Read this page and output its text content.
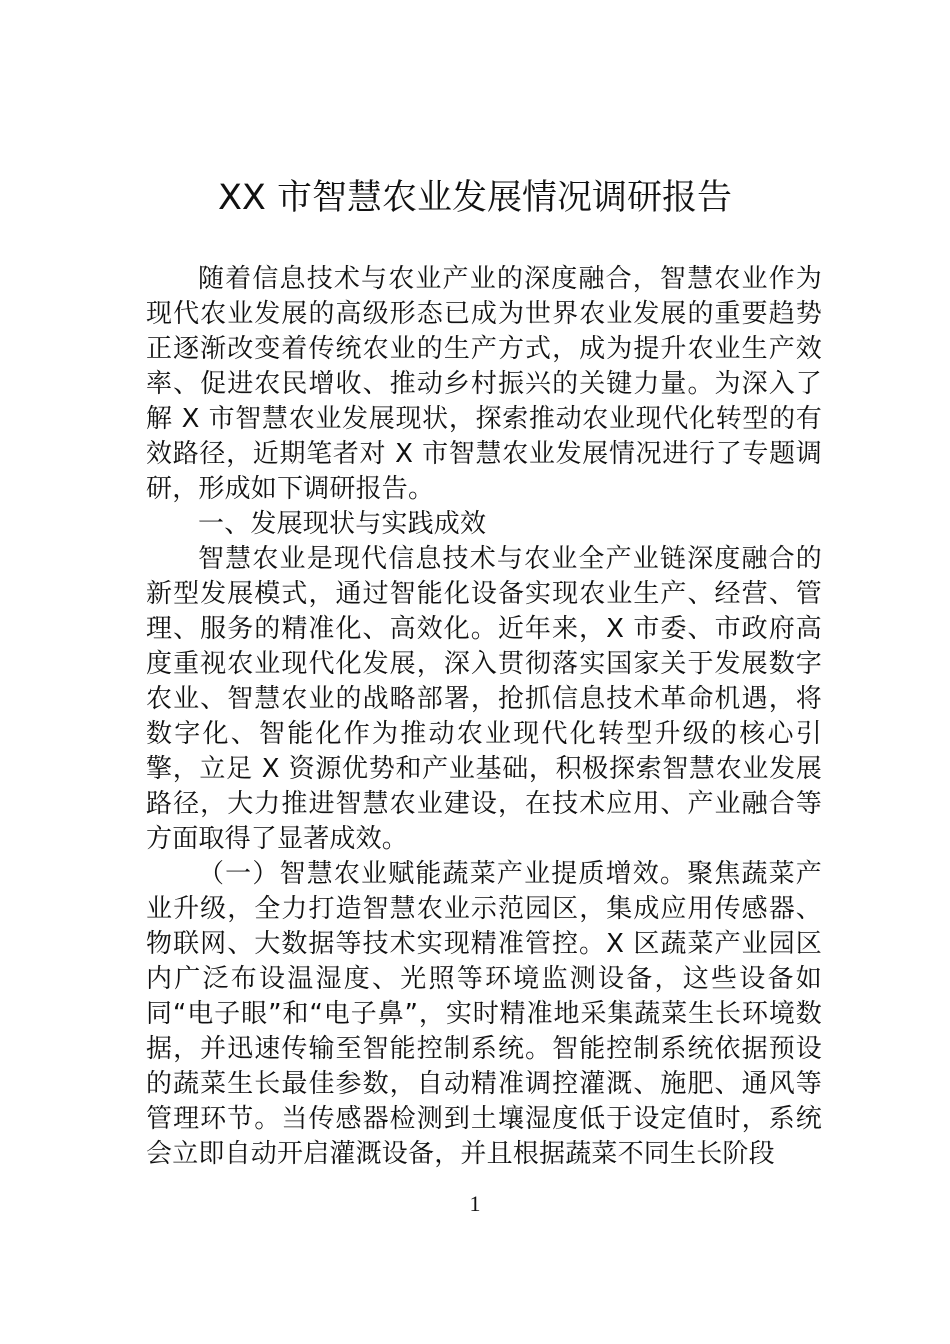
XX 市智慧农业发展情况调研报告

随着信息技术与农业产业的深度融合，智慧农业作为现代农业发展的高级形态已成为世界农业发展的重要趋势正逐渐改变着传统农业的生产方式，成为提升农业生产效率、促进农民增收、推动乡村振兴的关键力量。为深入了解 X 市智慧农业发展现状，探索推动农业现代化转型的有效路径，近期笔者对 X 市智慧农业发展情况进行了专题调研，形成如下调研报告。

一、发展现状与实践成效

智慧农业是现代信息技术与农业全产业链深度融合的新型发展模式，通过智能化设备实现农业生产、经营、管理、服务的精准化、高效化。近年来，X 市委、市政府高度重视农业现代化发展，深入贯彻落实国家关于发展数字农业、智慧农业的战略部署，抢抓信息技术革命机遇，将数字化、智能化作为推动农业现代化转型升级的核心引擎，立足 X 资源优势和产业基础，积极探索智慧农业发展路径，大力推进智慧农业建设，在技术应用、产业融合等方面取得了显著成效。

（一）智慧农业赋能蔬菜产业提质增效。聚焦蔬菜产业升级，全力打造智慧农业示范园区，集成应用传感器、物联网、大数据等技术实现精准管控。X 区蔬菜产业园区内广泛布设温湿度、光照等环境监测设备，这些设备如同“电子眼”和“电子鼻”，实时精准地采集蔬菜生长环境数据，并迅速传输至智能控制系统。智能控制系统依据预设的蔬菜生长最佳参数，自动精准调控灌溉、施肥、通风等管理环节。当传感器检测到土壤湿度低于设定值时，系统会立即自动开启灌溉设备，并且根据蔬菜不同生长阶段

1
